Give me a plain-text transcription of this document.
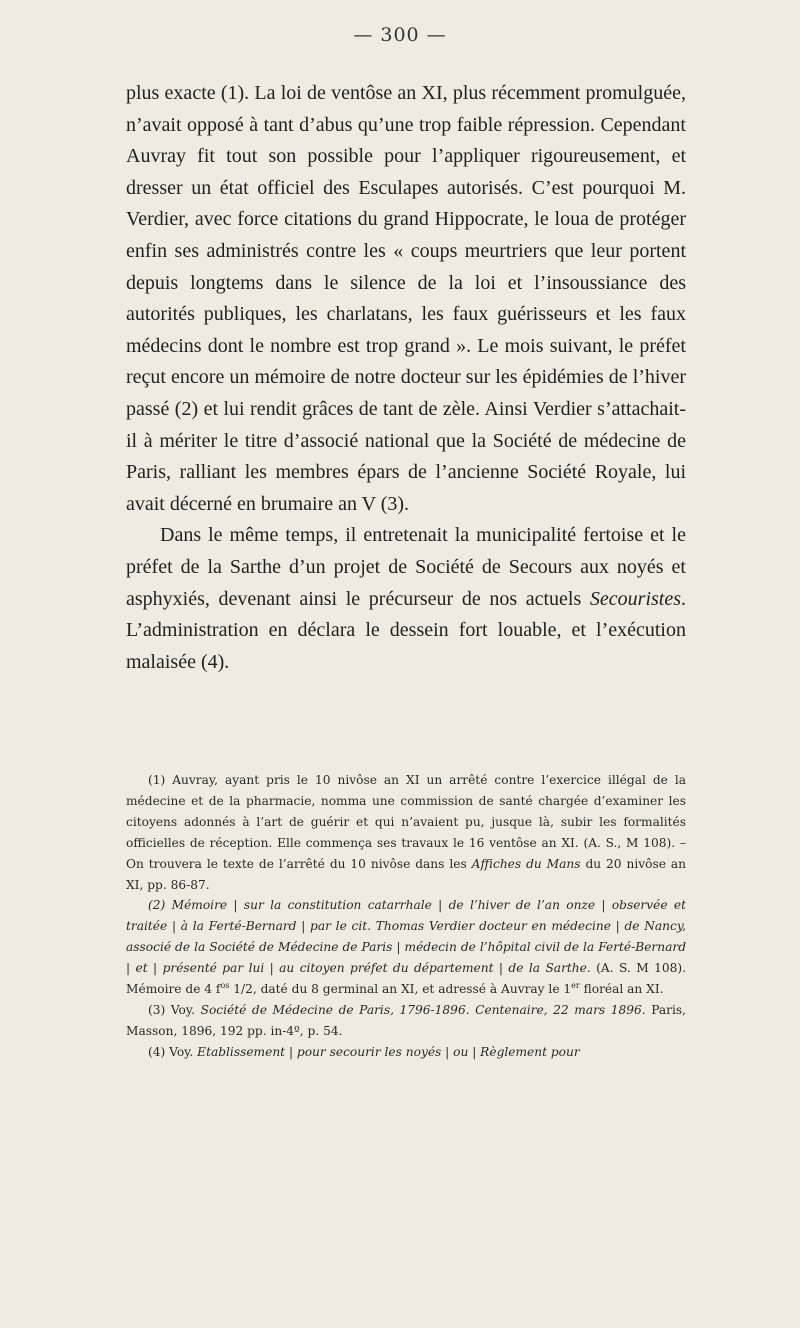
— 300 —

plus exacte (1). La loi de ventôse an XI, plus récemment promulguée, n’avait opposé à tant d’abus qu’une trop faible répression. Cependant Auvray fit tout son possible pour l’appliquer rigoureusement, et dresser un état officiel des Esculapes autorisés. C’est pourquoi M. Verdier, avec force citations du grand Hippocrate, le loua de protéger enfin ses administrés contre les « coups meurtriers que leur portent depuis longtems dans le silence de la loi et l’insoussiance des autorités publiques, les charlatans, les faux guérisseurs et les faux médecins dont le nombre est trop grand ». Le mois suivant, le préfet reçut encore un mémoire de notre docteur sur les épidémies de l’hiver passé (2) et lui rendit grâces de tant de zèle. Ainsi Verdier s’attachait-il à mériter le titre d’associé national que la Société de médecine de Paris, ralliant les membres épars de l’ancienne Société Royale, lui avait décerné en brumaire an V (3).

Dans le même temps, il entretenait la municipalité fertoise et le préfet de la Sarthe d’un projet de Société de Secours aux noyés et asphyxiés, devenant ainsi le précurseur de nos actuels Secouristes. L’administration en déclara le dessein fort louable, et l’exécution malaisée (4).

(1) Auvray, ayant pris le 10 nivôse an XI un arrêté contre l’exercice illégal de la médecine et de la pharmacie, nomma une commission de santé chargée d’examiner les citoyens adonnés à l’art de guérir et qui n’avaient pu, jusque là, subir les formalités officielles de réception. Elle commença ses travaux le 16 ventôse an XI. (A. S., M 108). – On trouvera le texte de l’arrêté du 10 nivôse dans les Affiches du Mans du 20 nivôse an XI, pp. 86-87.

(2) Mémoire | sur la constitution catarrhale | de l’hiver de l’an onze | observée et traitée | à la Ferté-Bernard | par le cit. Thomas Verdier docteur en médecine | de Nancy, associé de la Société de Médecine de Paris | médecin de l’hôpital civil de la Ferté-Bernard | et | présenté par lui | au citoyen préfet du département | de la Sarthe. (A. S. M 108). Mémoire de 4 $f^{os}$ 1/2, daté du 8 germinal an XI, et adressé à Auvray le 1er floréal an XI.

(3) Voy. Société de Médecine de Paris, 1796-1896. Centenaire, 22 mars 1896. Paris, Masson, 1896, 192 pp. in-4º, p. 54.

(4) Voy. Etablissement | pour secourir les noyés | ou | Règlement pour
